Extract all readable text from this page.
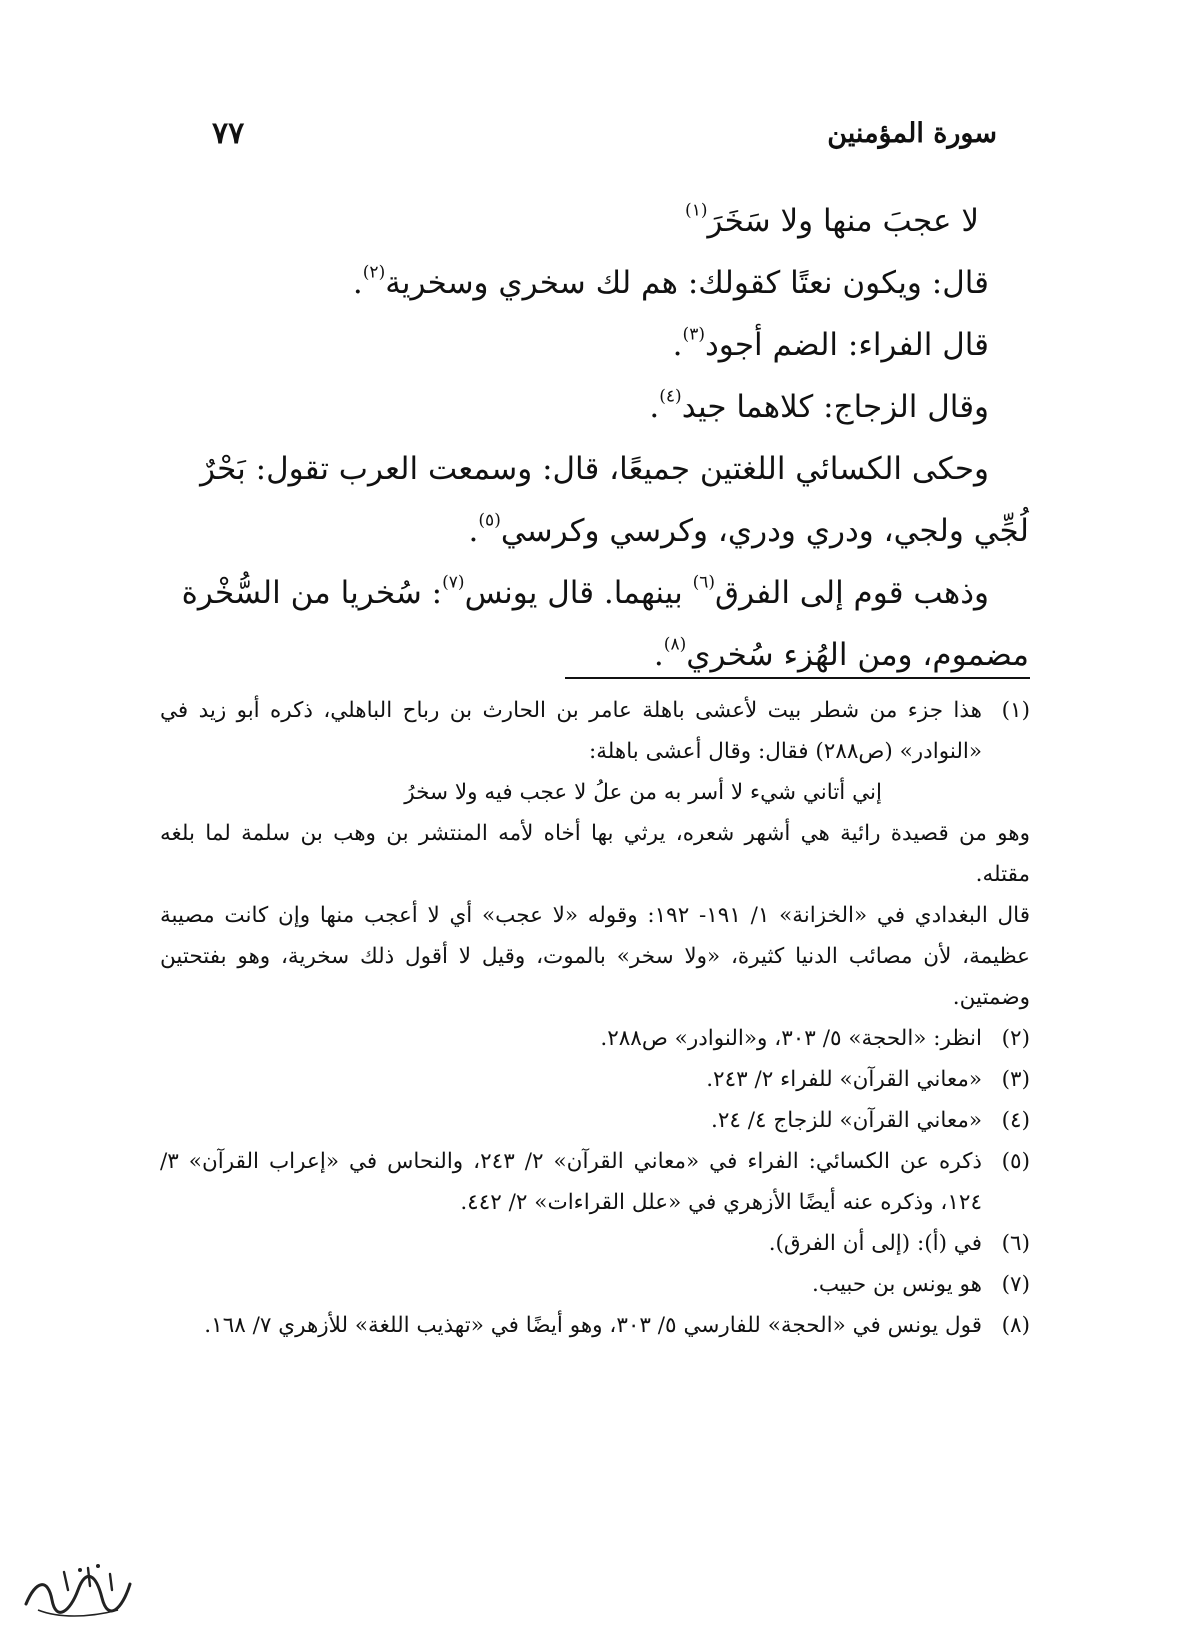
سورة المؤمنين
٧٧

لا عجبَ منها ولا سَخَرَ$^{(١)}$

قال: ويكون نعتًا كقولك: هم لك سخري وسخرية$^{(٢)}$.

قال الفراء: الضم أجود$^{(٣)}$.

وقال الزجاج: كلاهما جيد$^{(٤)}$.

وحكى الكسائي اللغتين جميعًا، قال: وسمعت العرب تقول: بَحْرٌ

لُجِّي ولجي، ودري ودري، وكرسي وكرسي$^{(٥)}$.

وذهب قوم إلى الفرق$^{(٦)}$ بينهما. قال يونس$^{(٧)}$: سُخريا من السُّخْرة

مضموم، ومن الهُزء سُخري$^{(٨)}$.

(١)

هذا جزء من شطر بيت لأعشى باهلة عامر بن الحارث بن رباح الباهلي، ذكره أبو زيد في «النوادر» (ص٢٨٨) فقال: وقال أعشى باهلة:

إني أتاني شيء لا أسر به من علُ لا عجب فيه ولا سخرُ

وهو من قصيدة رائية هي أشهر شعره، يرثي بها أخاه لأمه المنتشر بن وهب بن سلمة لما بلغه مقتله.

قال البغدادي في «الخزانة» ١/ ١٩١- ١٩٢: وقوله «لا عجب» أي لا أعجب منها وإن كانت مصيبة عظيمة، لأن مصائب الدنيا كثيرة، «ولا سخر» بالموت، وقيل لا أقول ذلك سخرية، وهو بفتحتين وضمتين.

(٢)
انظر: «الحجة» ٥/ ٣٠٣، و«النوادر» ص٢٨٨.
(٣)
«معاني القرآن» للفراء ٢/ ٢٤٣.
(٤)
«معاني القرآن» للزجاج ٤/ ٢٤.
(٥)
ذكره عن الكسائي: الفراء في «معاني القرآن» ٢/ ٢٤٣، والنحاس في «إعراب القرآن» ٣/ ١٢٤، وذكره عنه أيضًا الأزهري في «علل القراءات» ٢/ ٤٤٢.
(٦)
في (أ): (إلى أن الفرق).
(٧)
هو يونس بن حبيب.
(٨)
قول يونس في «الحجة» للفارسي ٥/ ٣٠٣، وهو أيضًا في «تهذيب اللغة» للأزهري ٧/ ١٦٨.
